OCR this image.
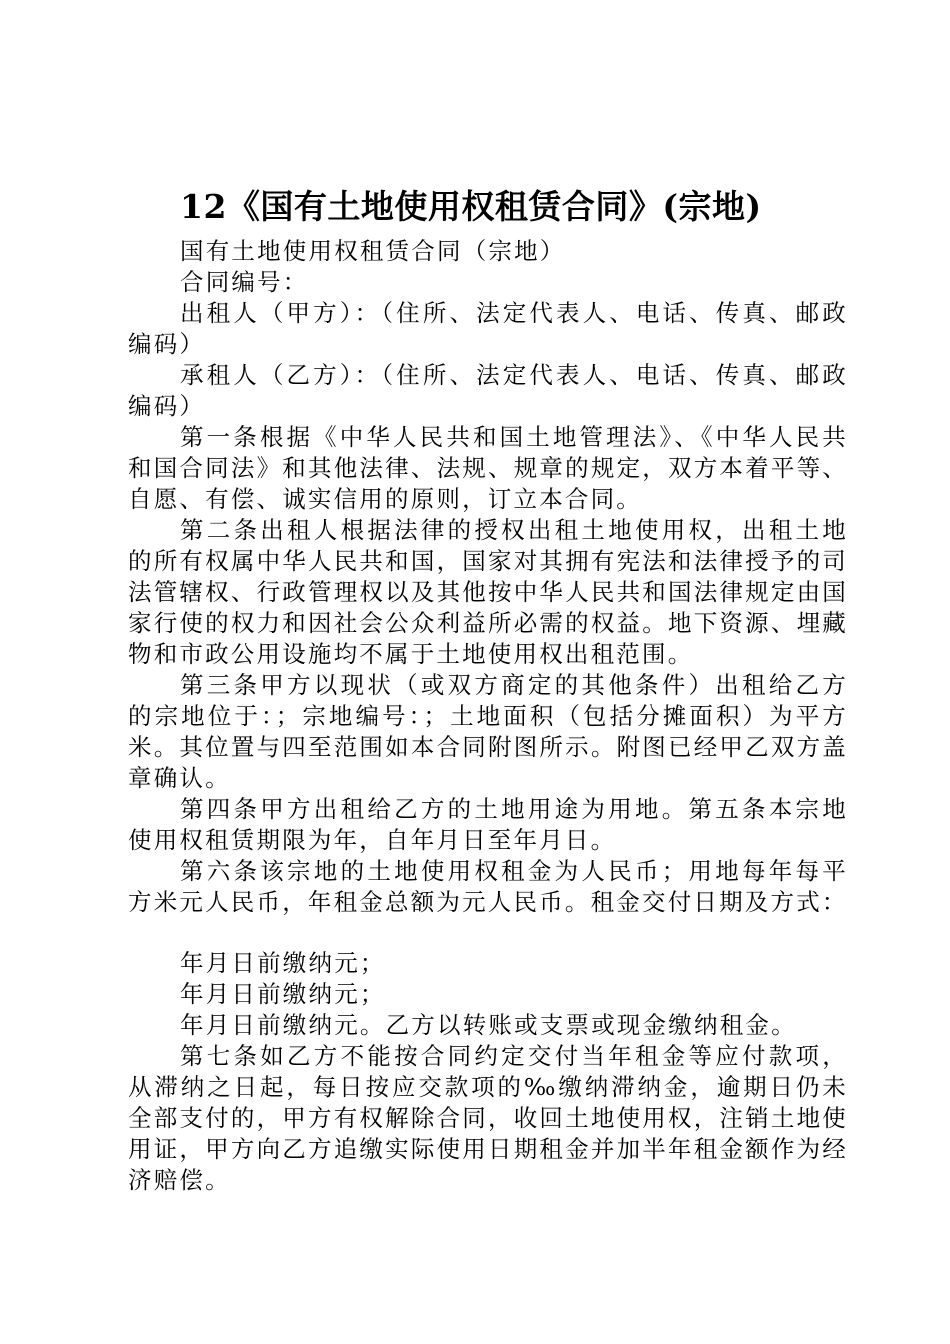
12《国有土地使用权租赁合同》(宗地)

国有土地使用权租赁合同（宗地）

合同编号：

出租人（甲方）：（住所、法定代表人、电话、传真、邮政编码）

承租人（乙方）：（住所、法定代表人、电话、传真、邮政编码）

第一条根据《中华人民共和国土地管理法》、《中华人民共和国合同法》和其他法律、法规、规章的规定，双方本着平等、自愿、有偿、诚实信用的原则，订立本合同。

第二条出租人根据法律的授权出租土地使用权，出租土地的所有权属中华人民共和国，国家对其拥有宪法和法律授予的司法管辖权、行政管理权以及其他按中华人民共和国法律规定由国家行使的权力和因社会公众利益所必需的权益。地下资源、埋藏物和市政公用设施均不属于土地使用权出租范围。

第三条甲方以现状（或双方商定的其他条件）出租给乙方的宗地位于：；宗地编号：；土地面积（包括分摊面积）为平方米。其位置与四至范围如本合同附图所示。附图已经甲乙双方盖章确认。

第四条甲方出租给乙方的土地用途为用地。第五条本宗地使用权租赁期限为年，自年月日至年月日。

第六条该宗地的土地使用权租金为人民币；用地每年每平方米元人民币，年租金总额为元人民币。租金交付日期及方式：

年月日前缴纳元；

年月日前缴纳元；

年月日前缴纳元。乙方以转账或支票或现金缴纳租金。

第七条如乙方不能按合同约定交付当年租金等应付款项，从滞纳之日起，每日按应交款项的‰缴纳滞纳金，逾期日仍未全部支付的，甲方有权解除合同，收回土地使用权，注销土地使用证，甲方向乙方追缴实际使用日期租金并加半年租金额作为经济赔偿。
